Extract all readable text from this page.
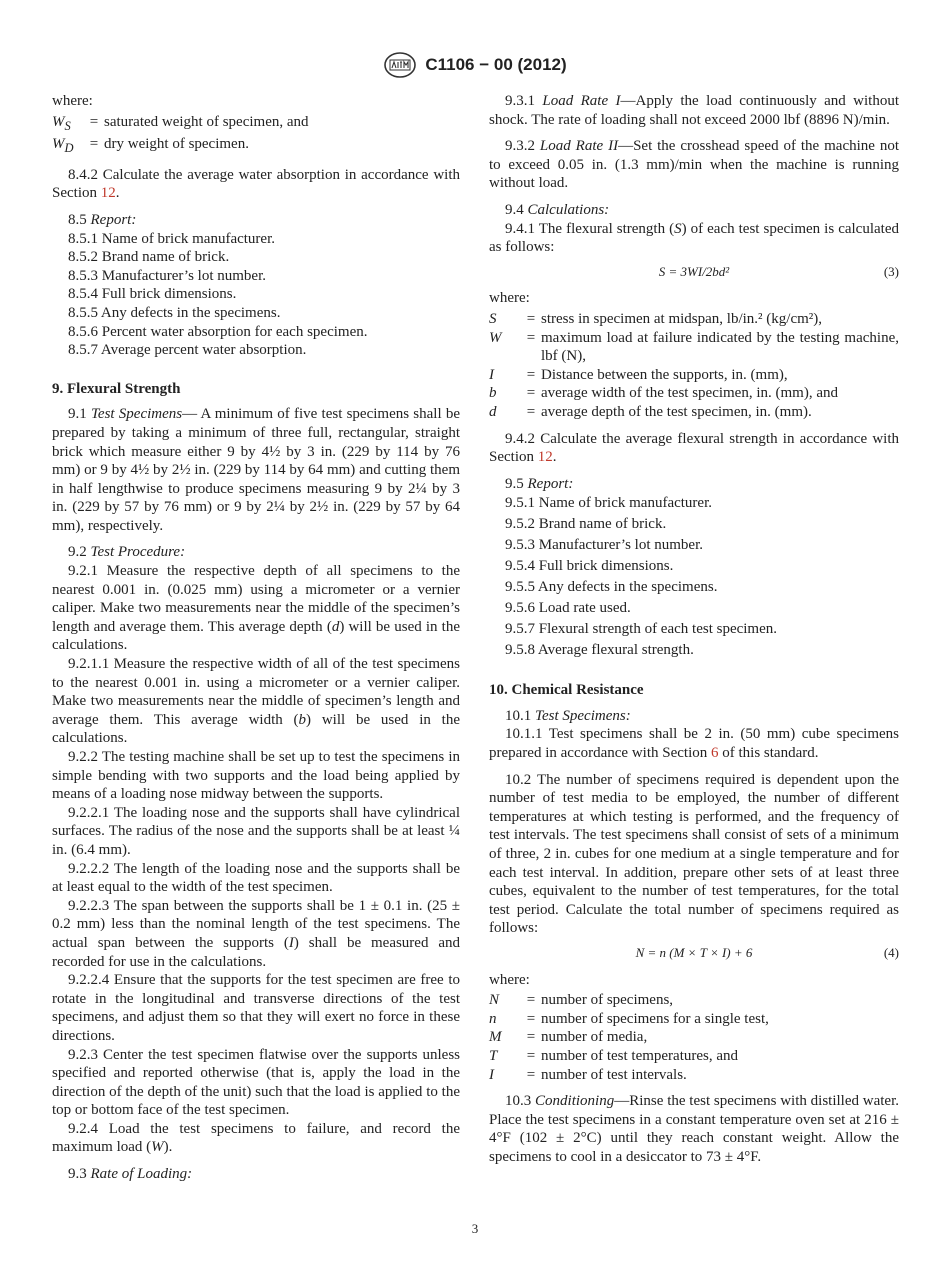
C1106 − 00 (2012)

where:

$W_S$	= saturated weight of specimen, and
$W_D$	= dry weight of specimen.

8.4.2 Calculate the average water absorption in accordance with Section 12.

8.5 Report:

8.5.1 Name of brick manufacturer.

8.5.2 Brand name of brick.

8.5.3 Manufacturer’s lot number.

8.5.4 Full brick dimensions.

8.5.5 Any defects in the specimens.

8.5.6 Percent water absorption for each specimen.

8.5.7 Average percent water absorption.

9. Flexural Strength

9.1 Test Specimens— A minimum of five test specimens shall be prepared by taking a minimum of three full, rectangular, straight brick which measure either 9 by 4½ by 3 in. (229 by 114 by 76 mm) or 9 by 4½ by 2½ in. (229 by 114 by 64 mm) and cutting them in half lengthwise to produce specimens measuring 9 by 2¼ by 3 in. (229 by 57 by 76 mm) or 9 by 2¼ by 2½ in. (229 by 57 by 64 mm), respectively.

9.2 Test Procedure:

9.2.1 Measure the respective depth of all specimens to the nearest 0.001 in. (0.025 mm) using a micrometer or a vernier caliper. Make two measurements near the middle of the specimen’s length and average them. This average depth (d) will be used in the calculations.

9.2.1.1 Measure the respective width of all of the test specimens to the nearest 0.001 in. using a micrometer or a vernier caliper. Make two measurements near the middle of specimen’s length and average them. This average width (b) will be used in the calculations.

9.2.2 The testing machine shall be set up to test the specimens in simple bending with two supports and the load being applied by means of a loading nose midway between the supports.

9.2.2.1 The loading nose and the supports shall have cylindrical surfaces. The radius of the nose and the supports shall be at least ¼ in. (6.4 mm).

9.2.2.2 The length of the loading nose and the supports shall be at least equal to the width of the test specimen.

9.2.2.3 The span between the supports shall be 1 ± 0.1 in. (25 ± 0.2 mm) less than the nominal length of the test specimens. The actual span between the supports (I) shall be measured and recorded for use in the calculations.

9.2.2.4 Ensure that the supports for the test specimen are free to rotate in the longitudinal and transverse directions of the test specimens, and adjust them so that they will exert no force in these directions.

9.2.3 Center the test specimen flatwise over the supports unless specified and reported otherwise (that is, apply the load in the direction of the depth of the unit) such that the load is applied to the top or bottom face of the test specimen.

9.2.4 Load the test specimens to failure, and record the maximum load (W).

9.3 Rate of Loading:

9.3.1 Load Rate I—Apply the load continuously and without shock. The rate of loading shall not exceed 2000 lbf (8896 N)/min.

9.3.2 Load Rate II—Set the crosshead speed of the machine not to exceed 0.05 in. (1.3 mm)/min when the machine is running without load.

9.4 Calculations:

9.4.1 The flexural strength (S) of each test specimen is calculated as follows:

S = 3WI/2bd²	(3)

where:

S	= stress in specimen at midspan, lb/in.² (kg/cm²),
W	= maximum load at failure indicated by the testing machine, lbf (N),
I	= Distance between the supports, in. (mm),
b	= average width of the test specimen, in. (mm), and
d	= average depth of the test specimen, in. (mm).

9.4.2 Calculate the average flexural strength in accordance with Section 12.

9.5 Report:

9.5.1 Name of brick manufacturer.

9.5.2 Brand name of brick.

9.5.3 Manufacturer’s lot number.

9.5.4 Full brick dimensions.

9.5.5 Any defects in the specimens.

9.5.6 Load rate used.

9.5.7 Flexural strength of each test specimen.

9.5.8 Average flexural strength.

10. Chemical Resistance

10.1 Test Specimens:

10.1.1 Test specimens shall be 2 in. (50 mm) cube specimens prepared in accordance with Section 6 of this standard.

10.2 The number of specimens required is dependent upon the number of test media to be employed, the number of different temperatures at which testing is performed, and the frequency of test intervals. The test specimens shall consist of sets of a minimum of three, 2 in. cubes for one medium at a single temperature and for each test interval. In addition, prepare other sets of at least three cubes, equivalent to the number of test temperatures, for the total test period. Calculate the total number of specimens required as follows:

N = n (M × T × I) + 6	(4)

where:

N	= number of specimens,
n	= number of specimens for a single test,
M	= number of media,
T	= number of test temperatures, and
I	= number of test intervals.

10.3 Conditioning—Rinse the test specimens with distilled water. Place the test specimens in a constant temperature oven set at 216 ± 4°F (102 ± 2°C) until they reach constant weight. Allow the specimens to cool in a desiccator to 73 ± 4°F.

3
